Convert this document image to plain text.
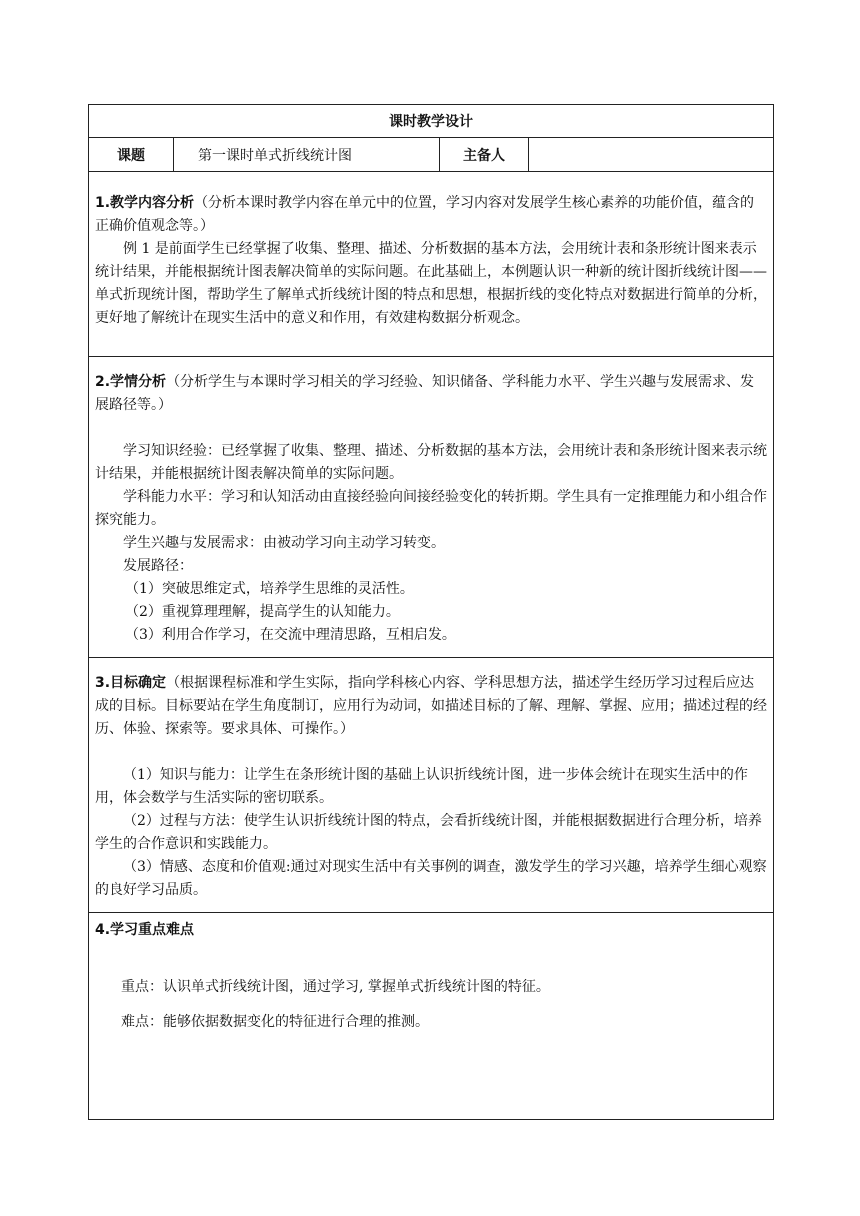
课时教学设计
课题	第一课时单式折线统计图	主备人	

1.教学内容分析（分析本课时教学内容在单元中的位置，学习内容对发展学生核心素养的功能价值，蕴含的正确价值观念等。）

例 1 是前面学生已经掌握了收集、整理、描述、分析数据的基本方法，会用统计表和条形统计图来表示统计结果，并能根据统计图表解决简单的实际问题。在此基础上，本例题认识一种新的统计图折线统计图——单式折现统计图，帮助学生了解单式折线统计图的特点和思想，根据折线的变化特点对数据进行简单的分析，更好地了解统计在现实生活中的意义和作用，有效建构数据分析观念。

2.学情分析（分析学生与本课时学习相关的学习经验、知识储备、学科能力水平、学生兴趣与发展需求、发展路径等。）

学习知识经验：已经掌握了收集、整理、描述、分析数据的基本方法，会用统计表和条形统计图来表示统计结果，并能根据统计图表解决简单的实际问题。

学科能力水平：学习和认知活动由直接经验向间接经验变化的转折期。学生具有一定推理能力和小组合作探究能力。

学生兴趣与发展需求：由被动学习向主动学习转变。

发展路径：

（1）突破思维定式，培养学生思维的灵活性。

（2）重视算理理解，提高学生的认知能力。

（3）利用合作学习，在交流中理清思路，互相启发。

3.目标确定（根据课程标准和学生实际，指向学科核心内容、学科思想方法，描述学生经历学习过程后应达成的目标。目标要站在学生角度制订，应用行为动词，如描述目标的了解、理解、掌握、应用；描述过程的经历、体验、探索等。要求具体、可操作。）

（1）知识与能力：让学生在条形统计图的基础上认识折线统计图，进一步体会统计在现实生活中的作用，体会数学与生活实际的密切联系。

（2）过程与方法：使学生认识折线统计图的特点，会看折线统计图，并能根据数据进行合理分析，培养学生的合作意识和实践能力。

（3）情感、态度和价值观:通过对现实生活中有关事例的调查，激发学生的学习兴趣，培养学生细心观察的良好学习品质。

4.学习重点难点

重点：认识单式折线统计图，通过学习, 掌握单式折线统计图的特征。

难点：能够依据数据变化的特征进行合理的推测。
